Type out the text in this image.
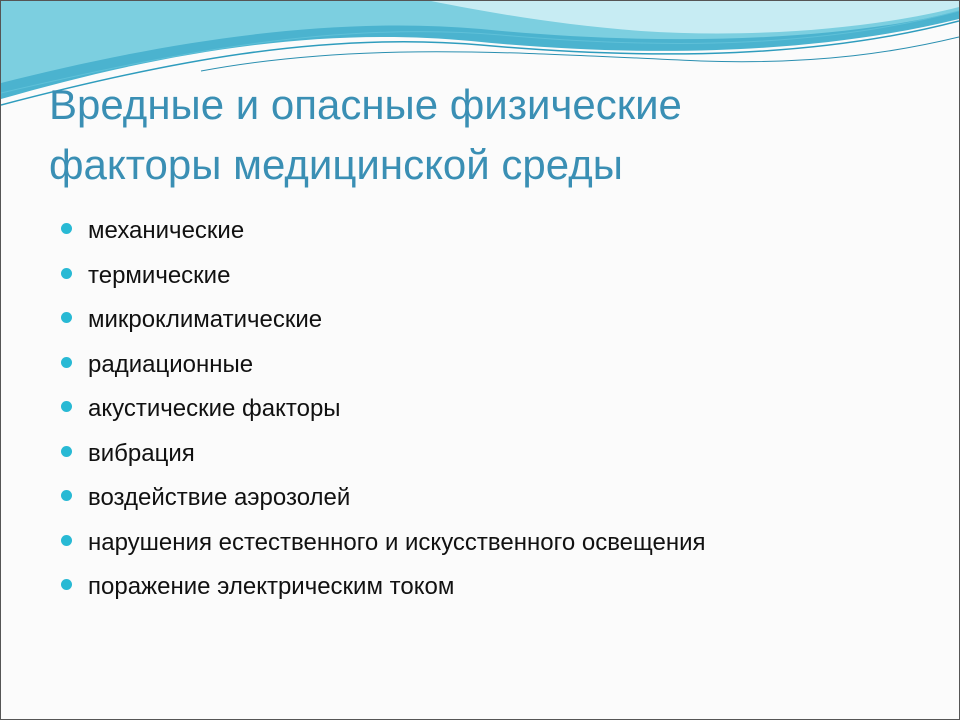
Вредные и опасные физические
факторы медицинской среды
механические
термические
микроклиматические
радиационные
акустические факторы
вибрация
воздействие аэрозолей
нарушения естественного и искусственного освещения
поражение электрическим током
